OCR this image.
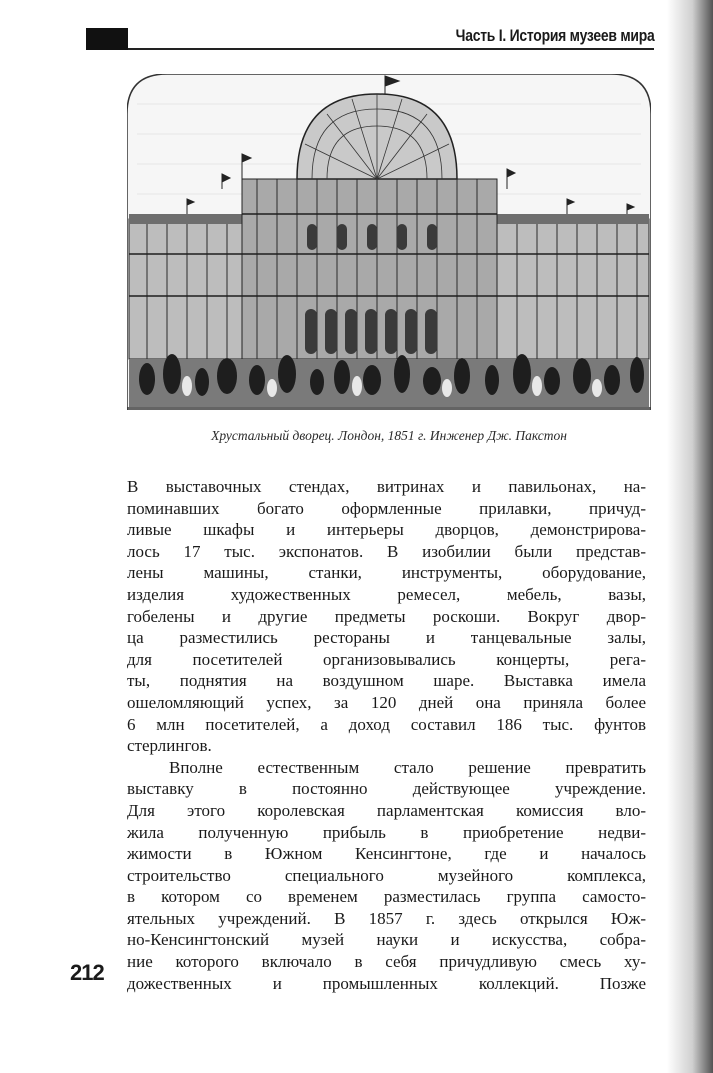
Часть I. История музеев мира
Хрустальный дворец. Лондон, 1851 г. Инженер Дж. Пакстон
В выставочных стендах, витринах и павильонах, на-
поминавших богато оформленные прилавки, причуд-
ливые шкафы и интерьеры дворцов, демонстрирова-
лось 17 тыс. экспонатов. В изобилии были представ-
лены машины, станки, инструменты, оборудование,
изделия художественных ремесел, мебель, вазы,
гобелены и другие предметы роскоши. Вокруг двор-
ца разместились рестораны и танцевальные залы,
для посетителей организовывались концерты, рега-
ты, поднятия на воздушном шаре. Выставка имела
ошеломляющий успех, за 120 дней она приняла более
6 млн посетителей, а доход составил 186 тыс. фунтов
стерлингов.
Вполне естественным стало решение превратить
выставку в постоянно действующее учреждение.
Для этого королевская парламентская комиссия вло-
жила полученную прибыль в приобретение недви-
жимости в Южном Кенсингтоне, где и началось
строительство специального музейного комплекса,
в котором со временем разместилась группа самосто-
ятельных учреждений. В 1857 г. здесь открылся Юж-
но-Кенсингтонский музей науки и искусства, собра-
ние которого включало в себя причудливую смесь ху-
дожественных и промышленных коллекций. Позже
212
